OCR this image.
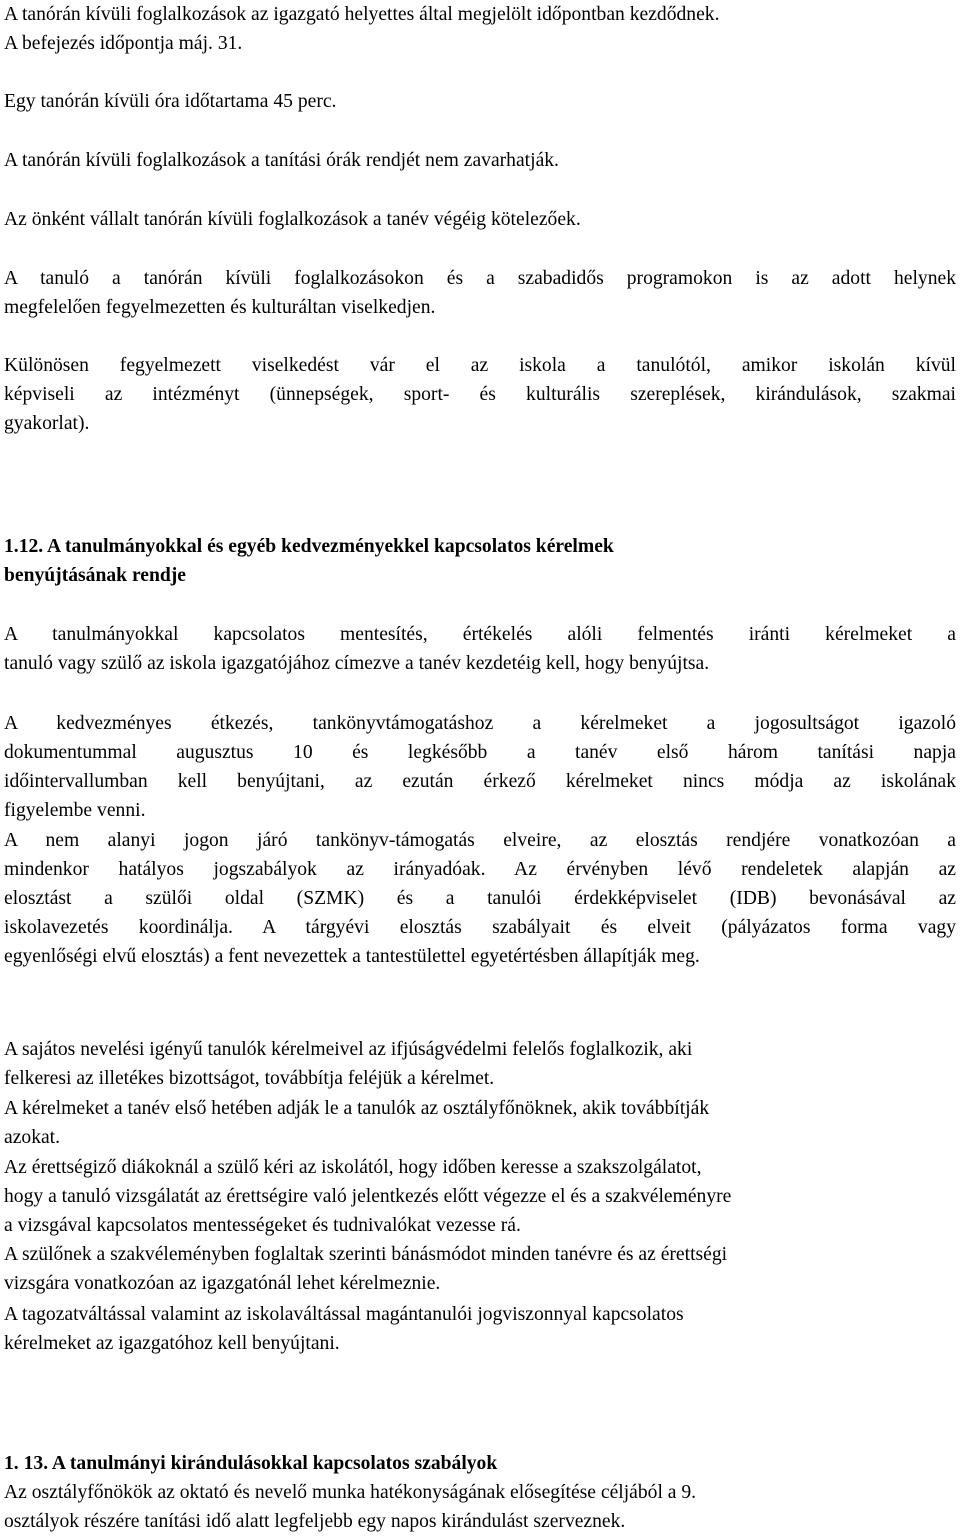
A tanórán kívüli foglalkozások az igazgató helyettes által megjelölt időpontban kezdődnek.
A befejezés időpontja máj. 31.

Egy tanórán kívüli óra időtartama 45 perc.

A tanórán kívüli foglalkozások a tanítási órák rendjét nem zavarhatják.

Az önként vállalt tanórán kívüli foglalkozások a tanév végéig kötelezőek.

A tanuló a tanórán kívüli foglalkozásokon és a szabadidős programokon is az adott helynek
megfelelően fegyelmezetten és kulturáltan viselkedjen.

Különösen fegyelmezett viselkedést vár el az iskola a tanulótól, amikor iskolán kívül
képviseli az intézményt (ünnepségek, sport- és kulturális szereplések, kirándulások, szakmai
gyakorlat).

1.12. A tanulmányokkal és egyéb kedvezményekkel kapcsolatos kérelmek
benyújtásának rendje

A tanulmányokkal kapcsolatos mentesítés, értékelés alóli felmentés iránti kérelmeket a
tanuló vagy szülő az iskola igazgatójához címezve a tanév kezdetéig kell, hogy benyújtsa.

A kedvezményes étkezés, tankönyvtámogatáshoz a kérelmeket a jogosultságot igazoló
dokumentummal augusztus 10 és legkésőbb a tanév első három tanítási napja
időintervallumban kell benyújtani, az ezután érkező kérelmeket nincs módja az iskolának
figyelembe venni.

A nem alanyi jogon járó tankönyv-támogatás elveire, az elosztás rendjére vonatkozóan a
mindenkor hatályos jogszabályok az irányadóak. Az érvényben lévő rendeletek alapján az
elosztást a szülői oldal (SZMK) és a tanulói érdekképviselet (IDB) bevonásával az
iskolavezetés koordinálja. A tárgyévi elosztás szabályait és elveit (pályázatos forma vagy
egyenlőségi elvű elosztás) a fent nevezettek a tantestülettel egyetértésben állapítják meg.

A sajátos nevelési igényű tanulók kérelmeivel az ifjúságvédelmi felelős foglalkozik, aki
felkeresi az illetékes bizottságot, továbbítja feléjük a kérelmet.

A kérelmeket a tanév első hetében adják le a tanulók az osztályfőnöknek, akik továbbítják
azokat.

Az érettségiző diákoknál a szülő kéri az iskolától, hogy időben keresse a szakszolgálatot,
hogy a tanuló vizsgálatát az érettségire való jelentkezés előtt végezze el és a szakvéleményre
a vizsgával kapcsolatos mentességeket és tudnivalókat vezesse rá.

A szülőnek a szakvéleményben foglaltak szerinti bánásmódot minden tanévre és az érettségi
vizsgára vonatkozóan az igazgatónál lehet kérelmeznie.

A tagozatváltással valamint az iskolaváltással magántanulói jogviszonnyal kapcsolatos
kérelmeket az igazgatóhoz kell benyújtani.

1. 13. A tanulmányi kirándulásokkal kapcsolatos szabályok

Az osztályfőnökök az oktató és nevelő munka hatékonyságának elősegítése céljából a 9.
osztályok részére tanítási idő alatt legfeljebb egy napos kirándulást szerveznek.
